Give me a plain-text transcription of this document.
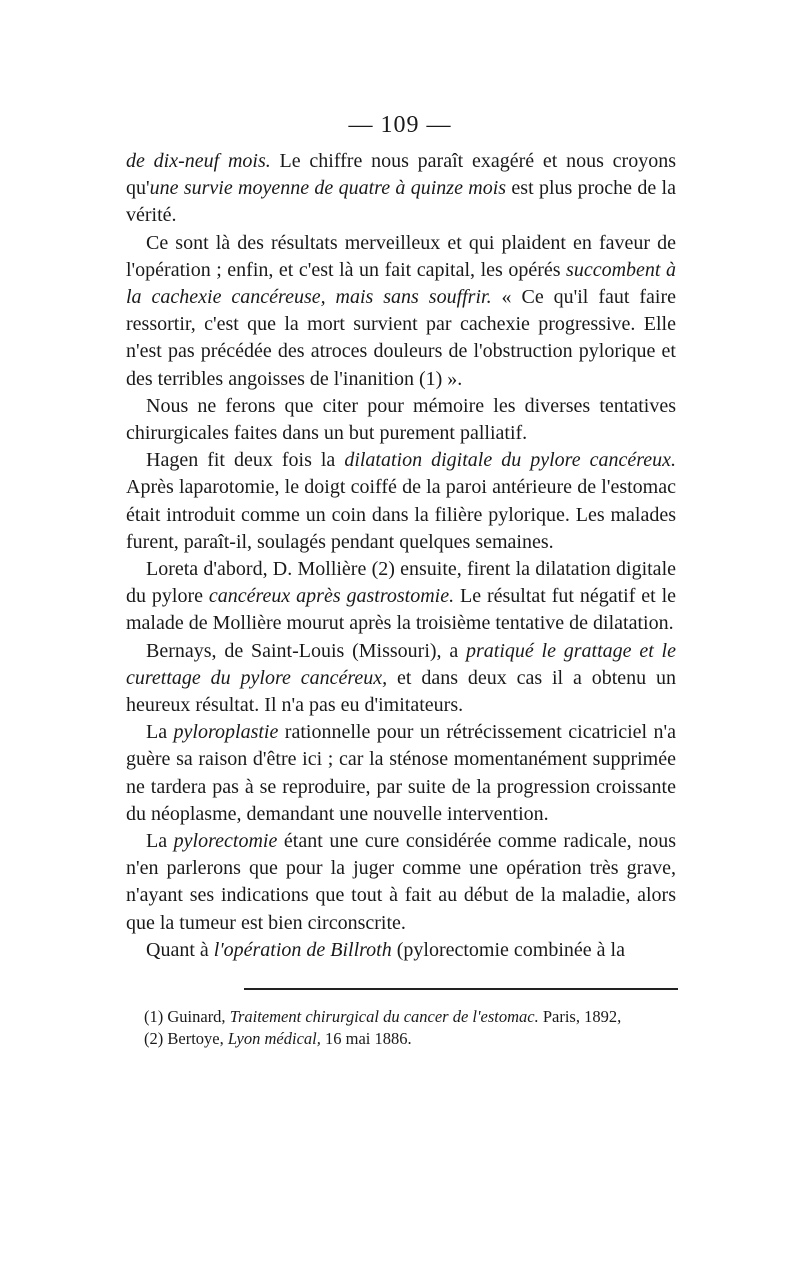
— 109 —

de dix-neuf mois. Le chiffre nous paraît exagéré et nous croyons qu'une survie moyenne de quatre à quinze mois est plus proche de la vérité.

Ce sont là des résultats merveilleux et qui plaident en faveur de l'opération ; enfin, et c'est là un fait capital, les opérés succombent à la cachexie cancéreuse, mais sans souffrir. « Ce qu'il faut faire ressortir, c'est que la mort survient par cachexie progressive. Elle n'est pas précédée des atroces douleurs de l'obstruction pylorique et des terribles angoisses de l'inanition (1) ».

Nous ne ferons que citer pour mémoire les diverses tentatives chirurgicales faites dans un but purement palliatif.

Hagen fit deux fois la dilatation digitale du pylore cancéreux. Après laparotomie, le doigt coiffé de la paroi antérieure de l'estomac était introduit comme un coin dans la filière pylorique. Les malades furent, paraît-il, soulagés pendant quelques semaines.

Loreta d'abord, D. Mollière (2) ensuite, firent la dilatation digitale du pylore cancéreux après gastrostomie. Le résultat fut négatif et le malade de Mollière mourut après la troisième tentative de dilatation.

Bernays, de Saint-Louis (Missouri), a pratiqué le grattage et le curettage du pylore cancéreux, et dans deux cas il a obtenu un heureux résultat. Il n'a pas eu d'imitateurs.

La pyloroplastie rationnelle pour un rétrécissement cicatriciel n'a guère sa raison d'être ici ; car la sténose momentanément supprimée ne tardera pas à se reproduire, par suite de la progression croissante du néoplasme, demandant une nouvelle intervention.

La pylorectomie étant une cure considérée comme radicale, nous n'en parlerons que pour la juger comme une opération très grave, n'ayant ses indications que tout à fait au début de la maladie, alors que la tumeur est bien circonscrite.

Quant à l'opération de Billroth (pylorectomie combinée à la

(1) Guinard, Traitement chirurgical du cancer de l'estomac. Paris, 1892,

(2) Bertoye, Lyon médical, 16 mai 1886.
